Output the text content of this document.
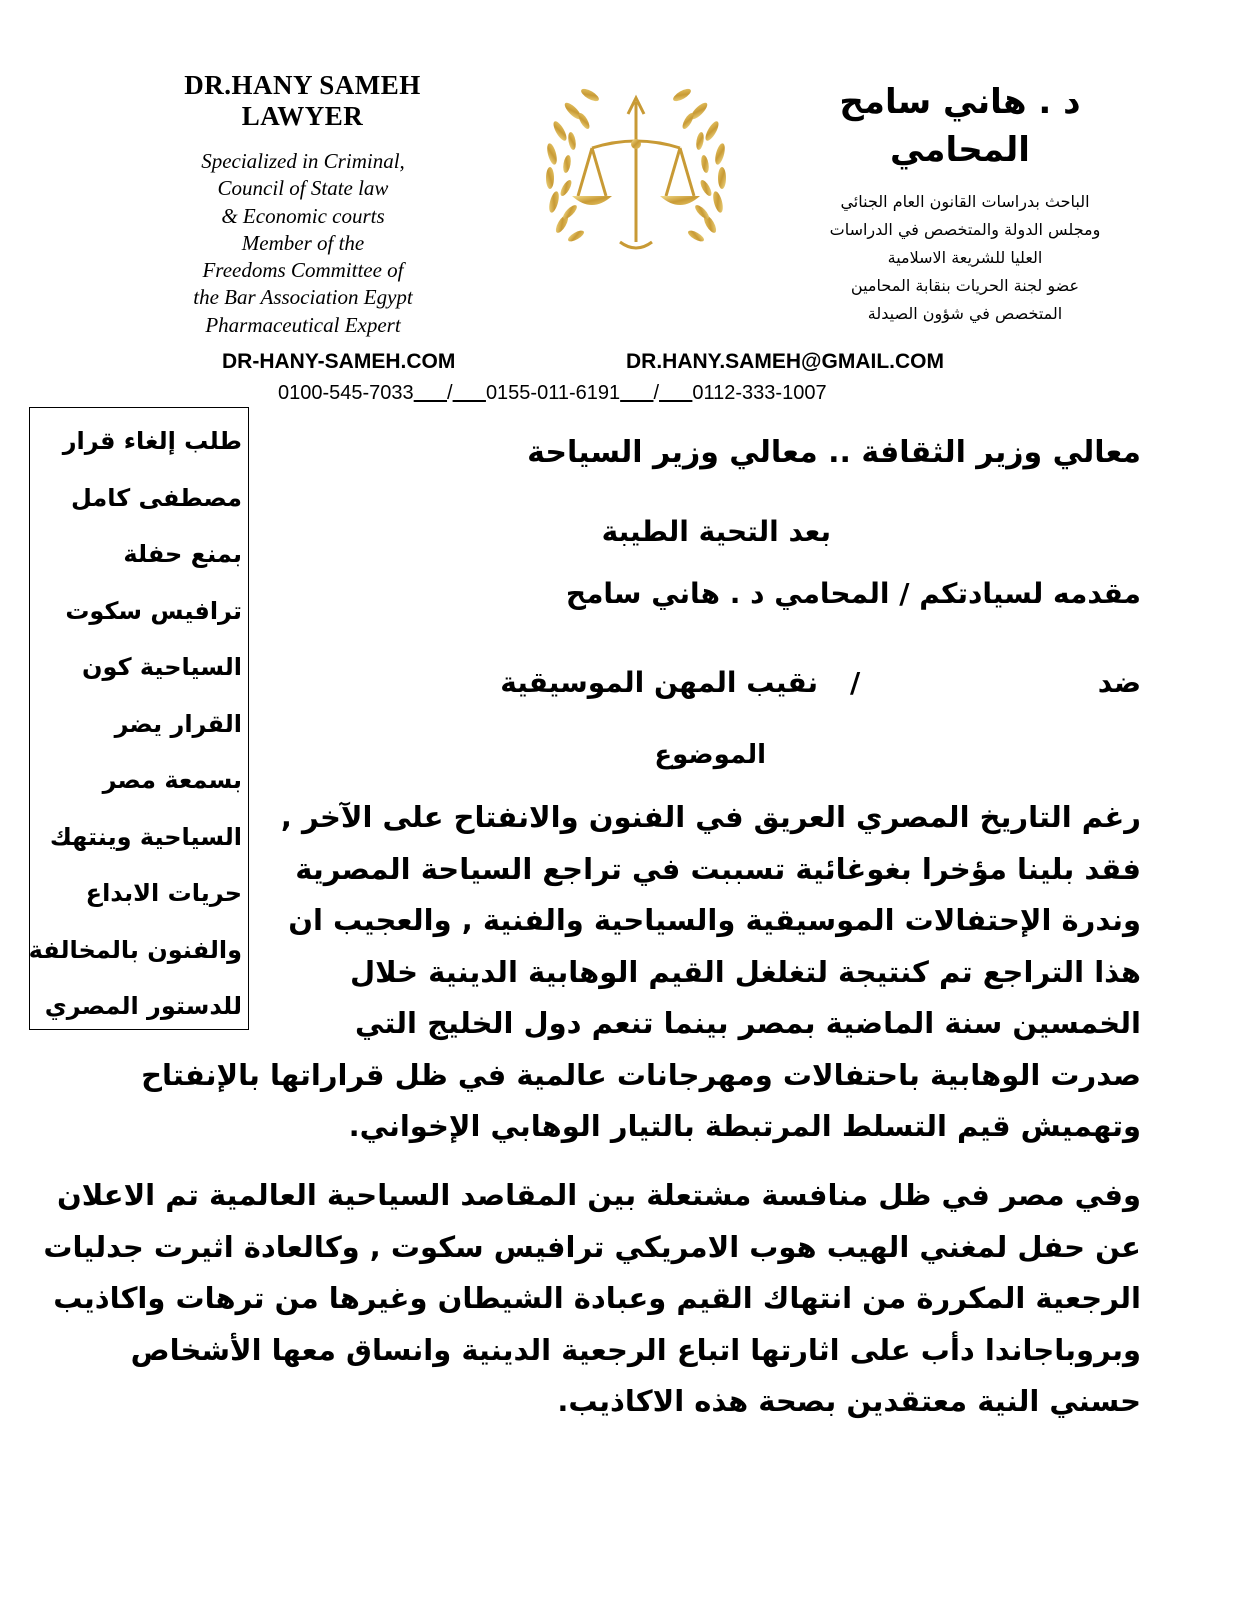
DR.HANY SAMEH
LAWYER
Specialized in Criminal,
Council of State law
& Economic courts
Member of the
Freedoms Committee of
the Bar Association Egypt
Pharmaceutical Expert
د . هاني سامح
المحامي
الباحث بدراسات القانون العام الجنائي
ومجلس الدولة والمتخصص في الدراسات
العليا للشريعة الاسلامية
عضو لجنة الحريات بنقابة المحامين
المتخصص في شؤون الصيدلة
DR-HANY-SAMEH.COM	DR.HANY.SAMEH@GMAIL.COM
0100-545-7033 / 0155-011-6191 / 0112-333-1007
طلب إلغاء قرار
مصطفى كامل
بمنع حفلة
ترافيس سكوت
السياحية كون
القرار يضر
بسمعة مصر
السياحية وينتهك
حريات الابداع
والفنون بالمخالفة
للدستور المصري
معالي وزير الثقافة .. معالي وزير السياحة
بعد التحية الطيبة
مقدمه لسيادتكم / المحامي د . هاني سامح
ضد
/
نقيب المهن الموسيقية
الموضوع
رغم التاريخ المصري العريق في الفنون والانفتاح على الآخر ,
فقد بلينا مؤخرا بغوغائية تسببت في تراجع السياحة المصرية
وندرة الإحتفالات الموسيقية والسياحية والفنية , والعجيب ان
هذا التراجع تم كنتيجة لتغلغل القيم الوهابية الدينية خلال
الخمسين سنة الماضية بمصر بينما تنعم دول الخليج التي
صدرت الوهابية باحتفالات ومهرجانات عالمية في ظل قراراتها بالإنفتاح
وتهميش قيم التسلط المرتبطة بالتيار الوهابي الإخواني.
وفي مصر في ظل منافسة مشتعلة بين المقاصد السياحية العالمية تم الاعلان
عن حفل لمغني الهيب هوب الامريكي ترافيس سكوت , وكالعادة اثيرت جدليات
الرجعية المكررة من انتهاك القيم وعبادة الشيطان وغيرها من ترهات واكاذيب
وبروباجاندا دأب على اثارتها اتباع الرجعية الدينية وانساق معها الأشخاص
حسني النية معتقدين بصحة هذه الاكاذيب.
